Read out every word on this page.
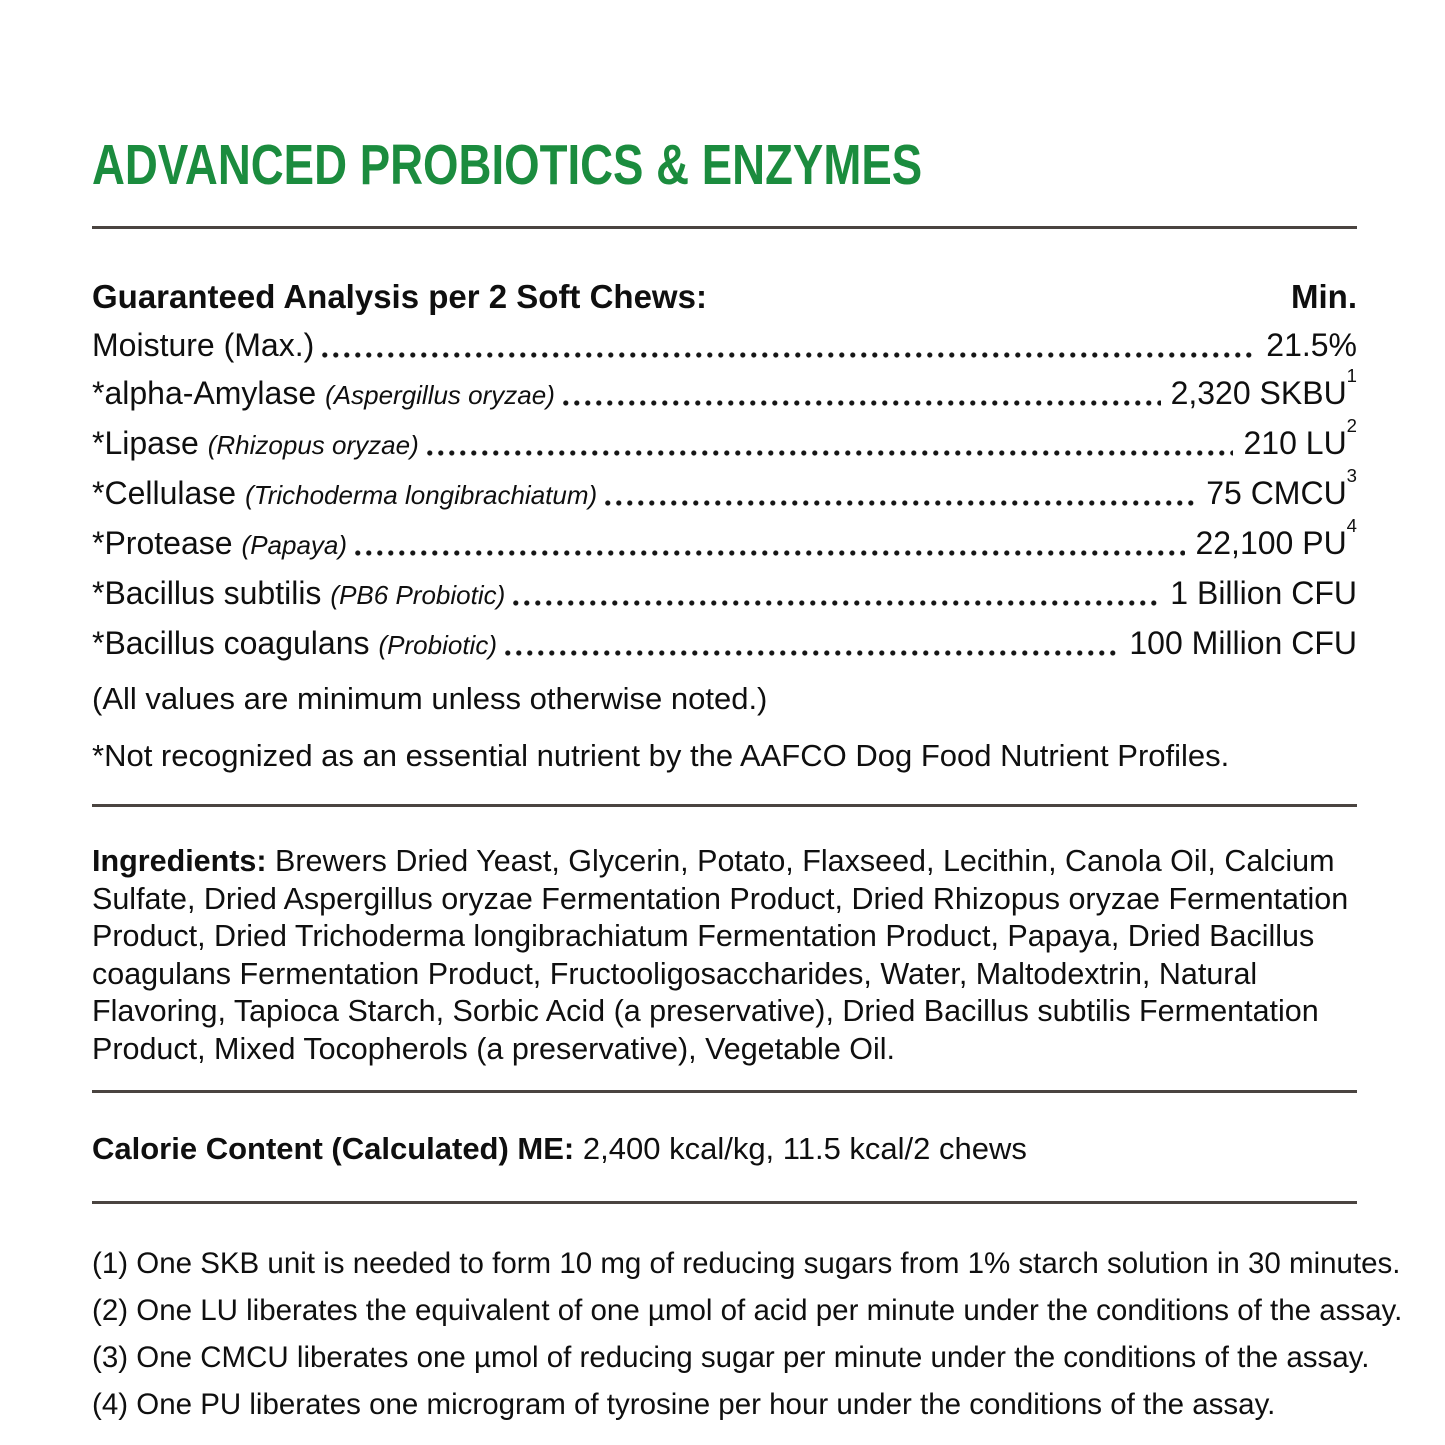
ADVANCED PROBIOTICS & ENZYMES
Guaranteed Analysis per 2 Soft Chews:	Min.
Moisture (Max.)	21.5%
*alpha-Amylase (Aspergillus oryzae)	2,320 SKBU$^1$
*Lipase (Rhizopus oryzae)	210 $LU^2$
*Cellulase (Trichoderma longibrachiatum)	75 CMCU$^3$
*Protease (Papaya)	22,100 $PU^4$
*Bacillus subtilis (PB6 Probiotic)	1 Billion CFU
*Bacillus coagulans (Probiotic)	100 Million CFU

(All values are minimum unless otherwise noted.)

*Not recognized as an essential nutrient by the AAFCO Dog Food Nutrient Profiles.

Ingredients: Brewers Dried Yeast, Glycerin, Potato, Flaxseed, Lecithin, Canola Oil, Calcium Sulfate, Dried Aspergillus oryzae Fermentation Product, Dried Rhizopus oryzae Fermentation Product, Dried Trichoderma longibrachiatum Fermentation Product, Papaya, Dried Bacillus coagulans Fermentation Product, Fructooligosaccharides, Water, Maltodextrin, Natural Flavoring, Tapioca Starch, Sorbic Acid (a preservative), Dried Bacillus subtilis Fermentation Product, Mixed Tocopherols (a preservative), Vegetable Oil.

Calorie Content (Calculated) ME: 2,400 kcal/kg, 11.5 kcal/2 chews

(1) One SKB unit is needed to form 10 mg of reducing sugars from 1% starch solution in 30 minutes.

(2) One LU liberates the equivalent of one µmol of acid per minute under the conditions of the assay.

(3) One CMCU liberates one µmol of reducing sugar per minute under the conditions of the assay.

(4) One PU liberates one microgram of tyrosine per hour under the conditions of the assay.
